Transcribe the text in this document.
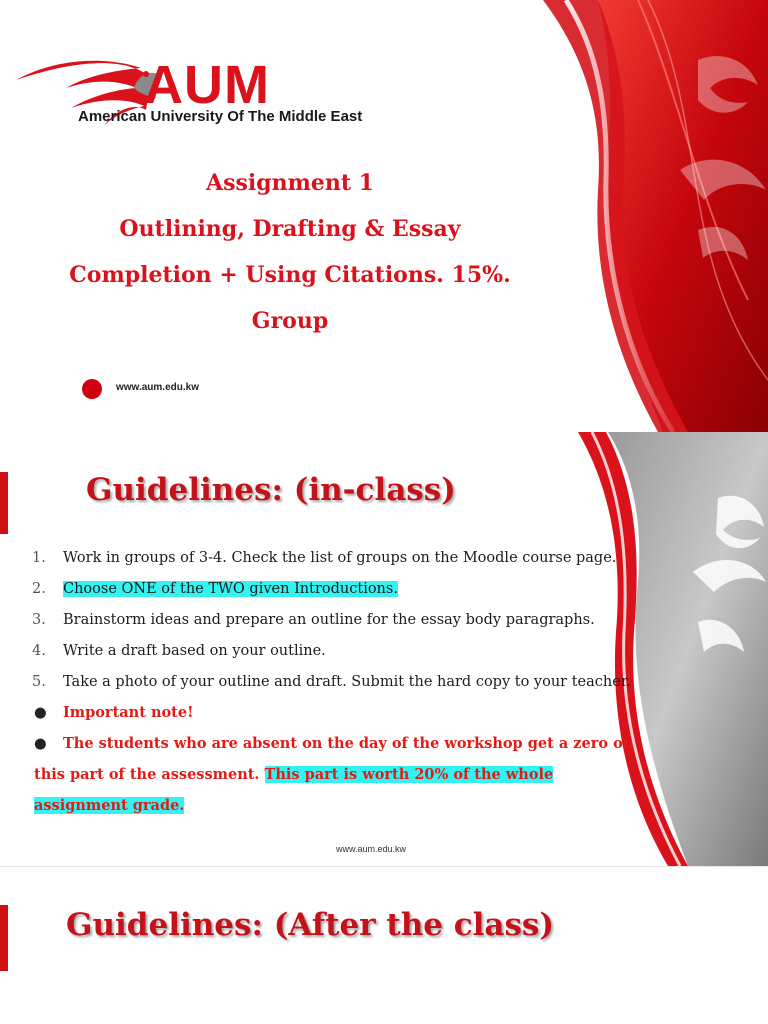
AUM
American University Of The Middle East
Assignment 1
Outlining, Drafting & Essay
Completion + Using Citations. 15%.
Group
www.aum.edu.kw
Guidelines: (in-class)
1. Work in groups of 3-4. Check the list of groups on the Moodle course page.
2. Choose ONE of the TWO given Introductions.
3. Brainstorm ideas and prepare an outline for the essay body paragraphs.
4. Write a draft based on your outline.
5. Take a photo of your outline and draft. Submit the hard copy to your teacher.
● Important note!
● The students who are absent on the day of the workshop get a zero on
this part of the assessment. This part is worth 20% of the whole
assignment grade.
www.aum.edu.kw
Guidelines: (After the class)
